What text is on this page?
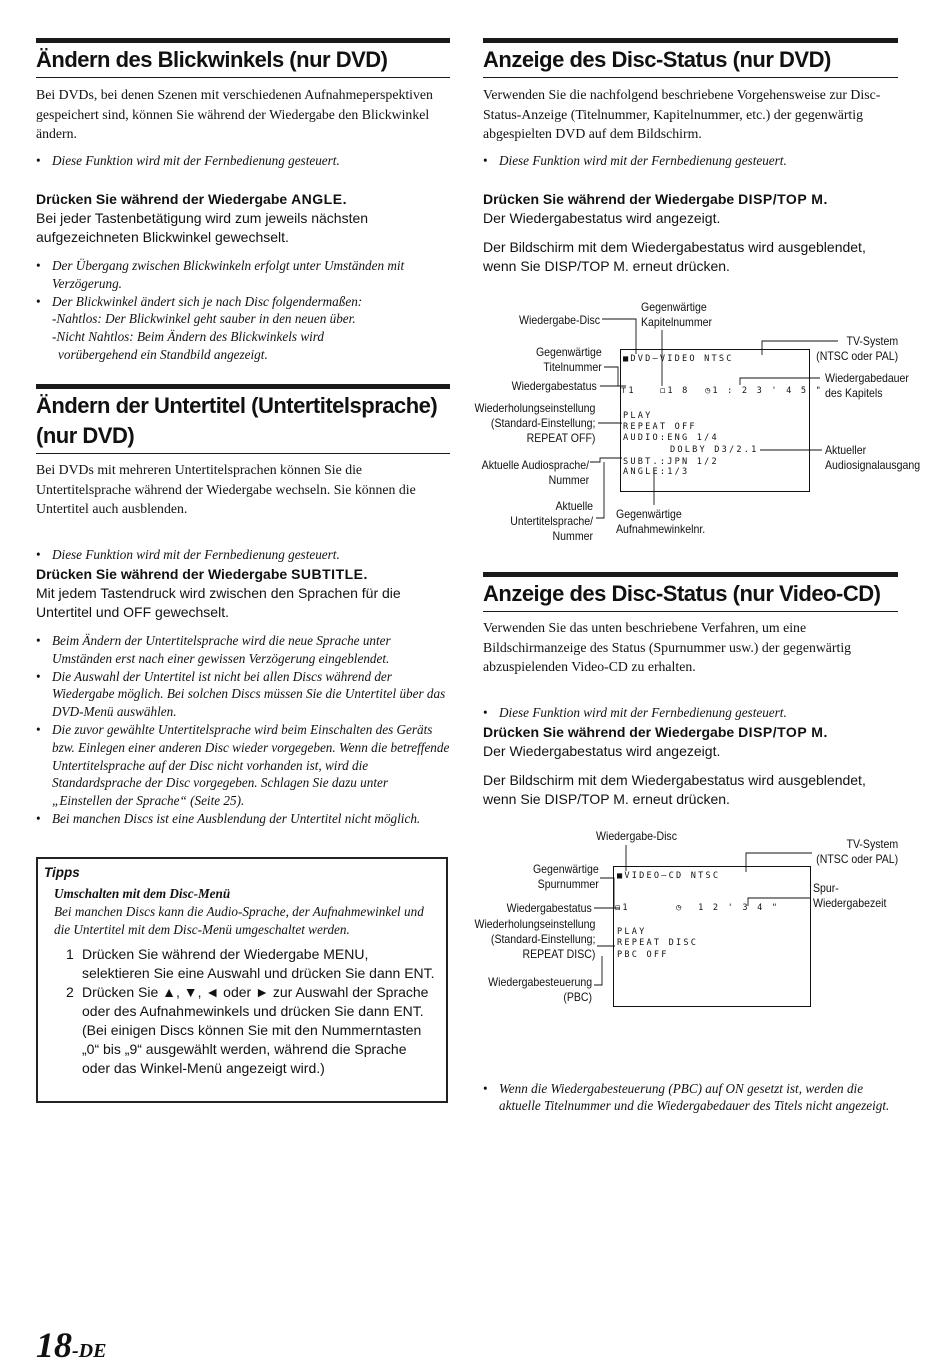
Ändern des Blickwinkels (nur DVD)

Bei DVDs, bei denen Szenen mit verschiedenen Aufnahmeperspektiven gespeichert sind, können Sie während der Wiedergabe den Blickwinkel ändern.

• Diese Funktion wird mit der Fernbedienung gesteuert.

Drücken Sie während der Wiedergabe ANGLE.

Bei jeder Tastenbetätigung wird zum jeweils nächsten aufgezeichneten Blickwinkel gewechselt.

• Der Übergang zwischen Blickwinkeln erfolgt unter Umständen mit Verzögerung.
• Der Blickwinkel ändert sich je nach Disc folgendermaßen:
-Nahtlos: Der Blickwinkel geht sauber in den neuen über.
-Nicht Nahtlos: Beim Ändern des Blickwinkels wird
vorübergehend ein Standbild angezeigt.
Ändern der Untertitel (Untertitelsprache)
(nur DVD)

Bei DVDs mit mehreren Untertitelsprachen können Sie die Untertitelsprache während der Wiedergabe wechseln. Sie können die Untertitel auch ausblenden.

• Diese Funktion wird mit der Fernbedienung gesteuert.

Drücken Sie während der Wiedergabe SUBTITLE.

Mit jedem Tastendruck wird zwischen den Sprachen für die Untertitel und OFF gewechselt.

• Beim Ändern der Untertitelsprache wird die neue Sprache unter Umständen erst nach einer gewissen Verzögerung eingeblendet.
• Die Auswahl der Untertitel ist nicht bei allen Discs während der Wiedergabe möglich. Bei solchen Discs müssen Sie die Untertitel über das DVD-Menü auswählen.
• Die zuvor gewählte Untertitelsprache wird beim Einschalten des Geräts bzw. Einlegen einer anderen Disc wieder vorgegeben. Wenn die betreffende Untertitelsprache auf der Disc nicht vorhanden ist, wird die Standardsprache der Disc vorgegeben. Schlagen Sie dazu unter „Einstellen der Sprache“ (Seite 25).
• Bei manchen Discs ist eine Ausblendung der Untertitel nicht möglich.
Tipps
Umschalten mit dem Disc-Menü
Bei manchen Discs kann die Audio-Sprache, der Aufnahmewinkel und die Untertitel mit dem Disc-Menü umgeschaltet werden.
1 Drücken Sie während der Wiedergabe MENU, selektieren Sie eine Auswahl und drücken Sie dann ENT.
2 Drücken Sie ▲, ▼, ◄ oder ► zur Auswahl der Sprache oder des Aufnahmewinkels und drücken Sie dann ENT. (Bei einigen Discs können Sie mit den Nummerntasten „0“ bis „9“ ausgewählt werden, während die Sprache oder das Winkel-Menü angezeigt wird.)
Anzeige des Disc-Status (nur DVD)

Verwenden Sie die nachfolgend beschriebene Vorgehensweise zur Disc-Status-Anzeige (Titelnummer, Kapitelnummer, etc.) der gegenwärtig abgespielten DVD auf dem Bildschirm.

• Diese Funktion wird mit der Fernbedienung gesteuert.

Drücken Sie während der Wiedergabe DISP/TOP M.

Der Wiedergabestatus wird angezeigt.

Der Bildschirm mit dem Wiedergabestatus wird ausgeblendet, wenn Sie DISP/TOP M. erneut drücken.

Anzeige des Disc-Status (nur Video-CD)

Verwenden Sie das unten beschriebene Verfahren, um eine Bildschirmanzeige des Status (Spurnummer usw.) der gegenwärtig abzuspielenden Video-CD zu erhalten.

• Diese Funktion wird mit der Fernbedienung gesteuert.

Drücken Sie während der Wiedergabe DISP/TOP M.

Der Wiedergabestatus wird angezeigt.

Der Bildschirm mit dem Wiedergabestatus wird ausgeblendet, wenn Sie DISP/TOP M. erneut drücken.

• Wenn die Wiedergabesteuerung (PBC) auf ON gesetzt ist, werden die aktuelle Titelnummer und die Wiedergabedauer des Titels nicht angezeigt.

■DVD–VIDEO NTSC
⊤1	◻1 8 ◷1 : 2 3 ' 4 5 "
PLAY
REPEAT OFF
AUDIO:ENG 1/4
DOLBY D3/2.1
SUBT.:JPN 1/2
ANGLE:1/3
Wiedergabe-Disc
Gegenwärtige
Kapitelnummer
Gegenwärtige
Titelnummer
Wiedergabestatus
Wiederholungseinstellung
(Standard-Einstellung;
REPEAT OFF)
Aktuelle Audiosprache/
Nummer
Aktuelle
Untertitelsprache/
Nummer
Gegenwärtige
Aufnahmewinkelnr.
TV-System
(NTSC oder PAL)
Wiedergabedauer
des Kapitels
Aktueller
Audiosignalausgang
■VIDEO–CD NTSC
◻1	◷ 1 2 ' 3 4 "
PLAY
REPEAT DISC
PBC OFF
Wiedergabe-Disc
Gegenwärtige
Spurnummer
Wiedergabestatus
Wiederholungseinstellung
(Standard-Einstellung;
REPEAT DISC)
Wiedergabesteuerung
(PBC)
TV-System
(NTSC oder PAL)
Spur-
Wiedergabezeit
18-DE
